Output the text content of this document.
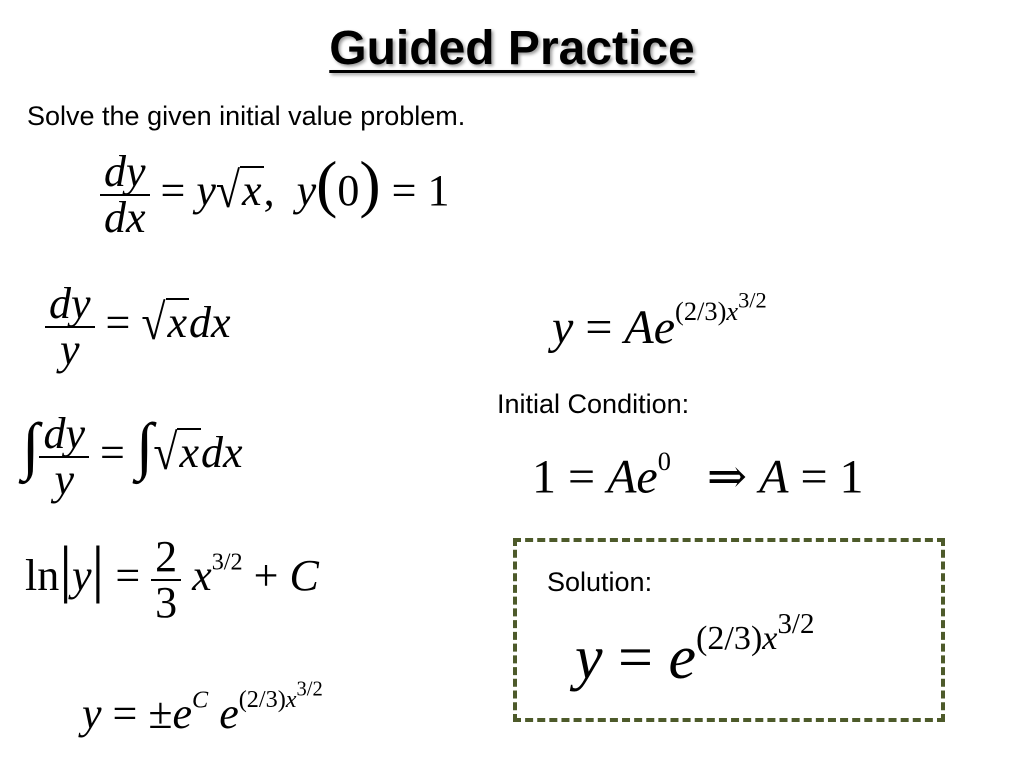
Guided Practice
Solve the given initial value problem.
$\frac{dy}{dx} = y√x$, y(0) = 1
$\frac{dy}{y} = √xdx$
∫ $\frac{dy}{y} = \int√xdx$
$\ln|y| = \frac{2}{3} x^{3/2} + C$
$y = \pm e^C$ $e^{(2/3)x^{3/2}}$
$y = Ae^{(2/3)x3/2}$
Initial Condition:
$1 = Ae^0$ ⇒ A = 1
Solution:
$y = e^{(2/3)x^{3/2}}$
